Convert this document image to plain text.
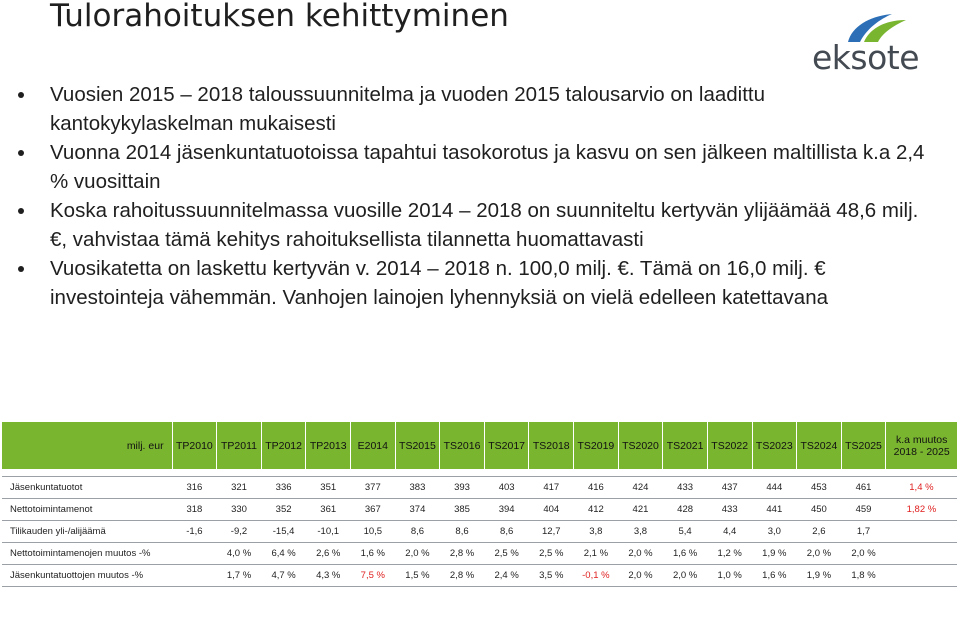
Tulorahoituksen kehittyminen
eksote
Vuosien 2015 – 2018 taloussuunnitelma ja vuoden 2015 talousarvio on laadittu kantokykylaskelman mukaisesti
Vuonna 2014 jäsenkuntatuotoissa tapahtui tasokorotus ja kasvu on sen jälkeen maltillista k.a 2,4 % vuosittain
Koska rahoitussuunnitelmassa vuosille 2014 – 2018 on suunniteltu kertyvän ylijäämää 48,6 milj. €, vahvistaa tämä kehitys rahoituksellista tilannetta huomattavasti
Vuosikatetta on laskettu kertyvän v. 2014 – 2018 n. 100,0 milj. €. Tämä on 16,0 milj. € investointeja vähemmän. Vanhojen lainojen lyhennyksiä on vielä edelleen katettavana
milj. eur	TP2010	TP2011	TP2012	TP2013	E2014	TS2015	TS2016	TS2017	TS2018	TS2019	TS2020	TS2021	TS2022	TS2023	TS2024	TS2025	k.a muutos
2018 - 2025

Jäsenkuntatuotot	316	321	336	351	377	383	393	403	417	416	424	433	437	444	453	461	1,4 %
Nettotoimintamenot	318	330	352	361	367	374	385	394	404	412	421	428	433	441	450	459	1,82 %
Tilikauden yli-/alijäämä	-1,6	-9,2	-15,4	-10,1	10,5	8,6	8,6	8,6	12,7	3,8	3,8	5,4	4,4	3,0	2,6	1,7	
Nettotoimintamenojen muutos -%		4,0 %	6,4 %	2,6 %	1,6 %	2,0 %	2,8 %	2,5 %	2,5 %	2,1 %	2,0 %	1,6 %	1,2 %	1,9 %	2,0 %	2,0 %	
Jäsenkuntatuottojen muutos -%		1,7 %	4,7 %	4,3 %	7,5 %	1,5 %	2,8 %	2,4 %	3,5 %	-0,1 %	2,0 %	2,0 %	1,0 %	1,6 %	1,9 %	1,8 %	
